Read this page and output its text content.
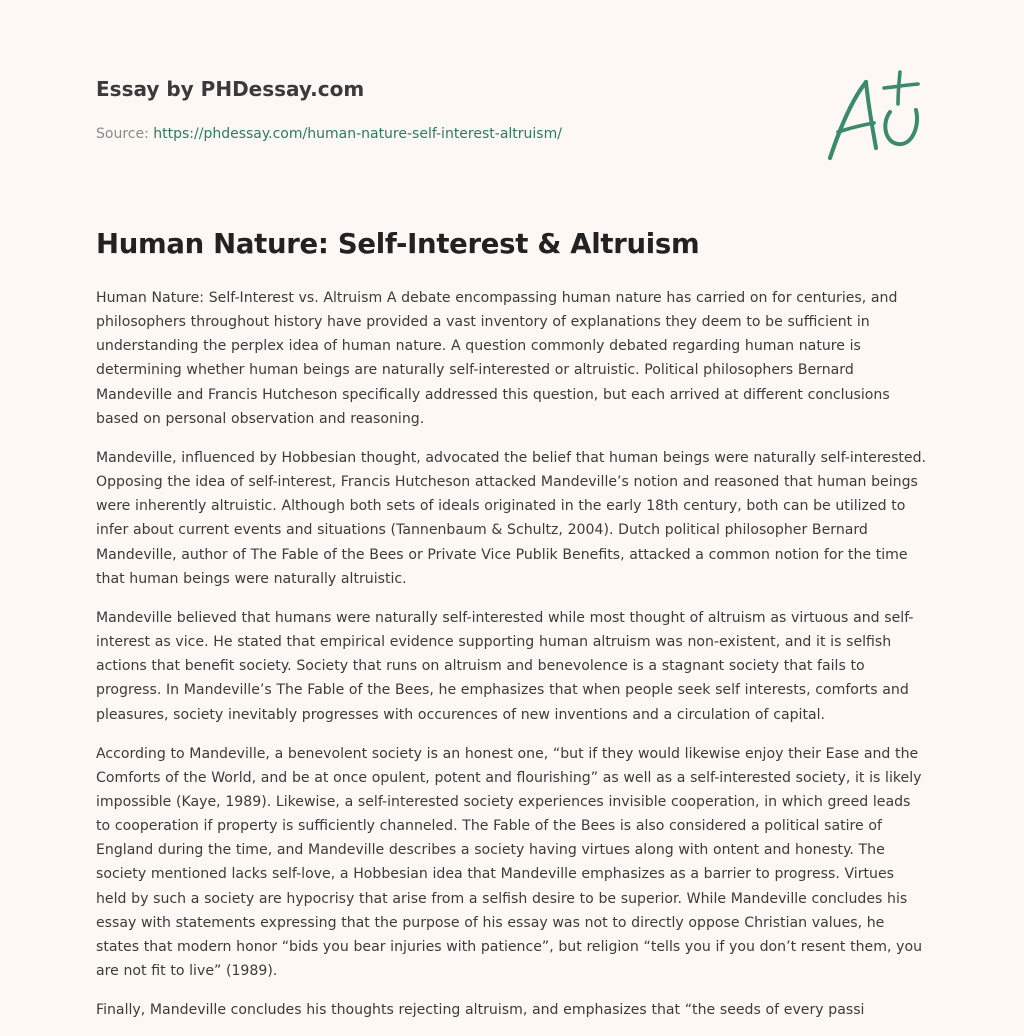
Essay by PHDessay.com
Source: https://phdessay.com/human-nature-self-interest-altruism/
Human Nature: Self-Interest & Altruism

Human Nature: Self-Interest vs. Altruism A debate encompassing human nature has carried on for centuries, and philosophers throughout history have provided a vast inventory of explanations they deem to be sufficient in understanding the perplex idea of human nature. A question commonly debated regarding human nature is determining whether human beings are naturally self-interested or altruistic. Political philosophers Bernard Mandeville and Francis Hutcheson specifically addressed this question, but each arrived at different conclusions based on personal observation and reasoning.

Mandeville, influenced by Hobbesian thought, advocated the belief that human beings were naturally self-interested. Opposing the idea of self-interest, Francis Hutcheson attacked Mandeville’s notion and reasoned that human beings were inherently altruistic. Although both sets of ideals originated in the early 18th century, both can be utilized to infer about current events and situations (Tannenbaum & Schultz, 2004). Dutch political philosopher Bernard Mandeville, author of The Fable of the Bees or Private Vice Publik Benefits, attacked a common notion for the time that human beings were naturally altruistic.

Mandeville believed that humans were naturally self-interested while most thought of altruism as virtuous and self-interest as vice. He stated that empirical evidence supporting human altruism was non-existent, and it is selfish actions that benefit society. Society that runs on altruism and benevolence is a stagnant society that fails to progress. In Mandeville’s The Fable of the Bees, he emphasizes that when people seek self interests, comforts and pleasures, society inevitably progresses with occurences of new inventions and a circulation of capital.

According to Mandeville, a benevolent society is an honest one, “but if they would likewise enjoy their Ease and the Comforts of the World, and be at once opulent, potent and flourishing” as well as a self-interested society, it is likely impossible (Kaye, 1989). Likewise, a self-interested society experiences invisible cooperation, in which greed leads to cooperation if property is sufficiently channeled. The Fable of the Bees is also considered a political satire of England during the time, and Mandeville describes a society having virtues along with ontent and honesty. The society mentioned lacks self-love, a Hobbesian idea that Mandeville emphasizes as a barrier to progress. Virtues held by such a society are hypocrisy that arise from a selfish desire to be superior. While Mandeville concludes his essay with statements expressing that the purpose of his essay was not to directly oppose Christian values, he states that modern honor “bids you bear injuries with patience”, but religion “tells you if you don’t resent them, you are not fit to live” (1989).

Finally, Mandeville concludes his thoughts rejecting altruism, and emphasizes that “the seeds of every passi
